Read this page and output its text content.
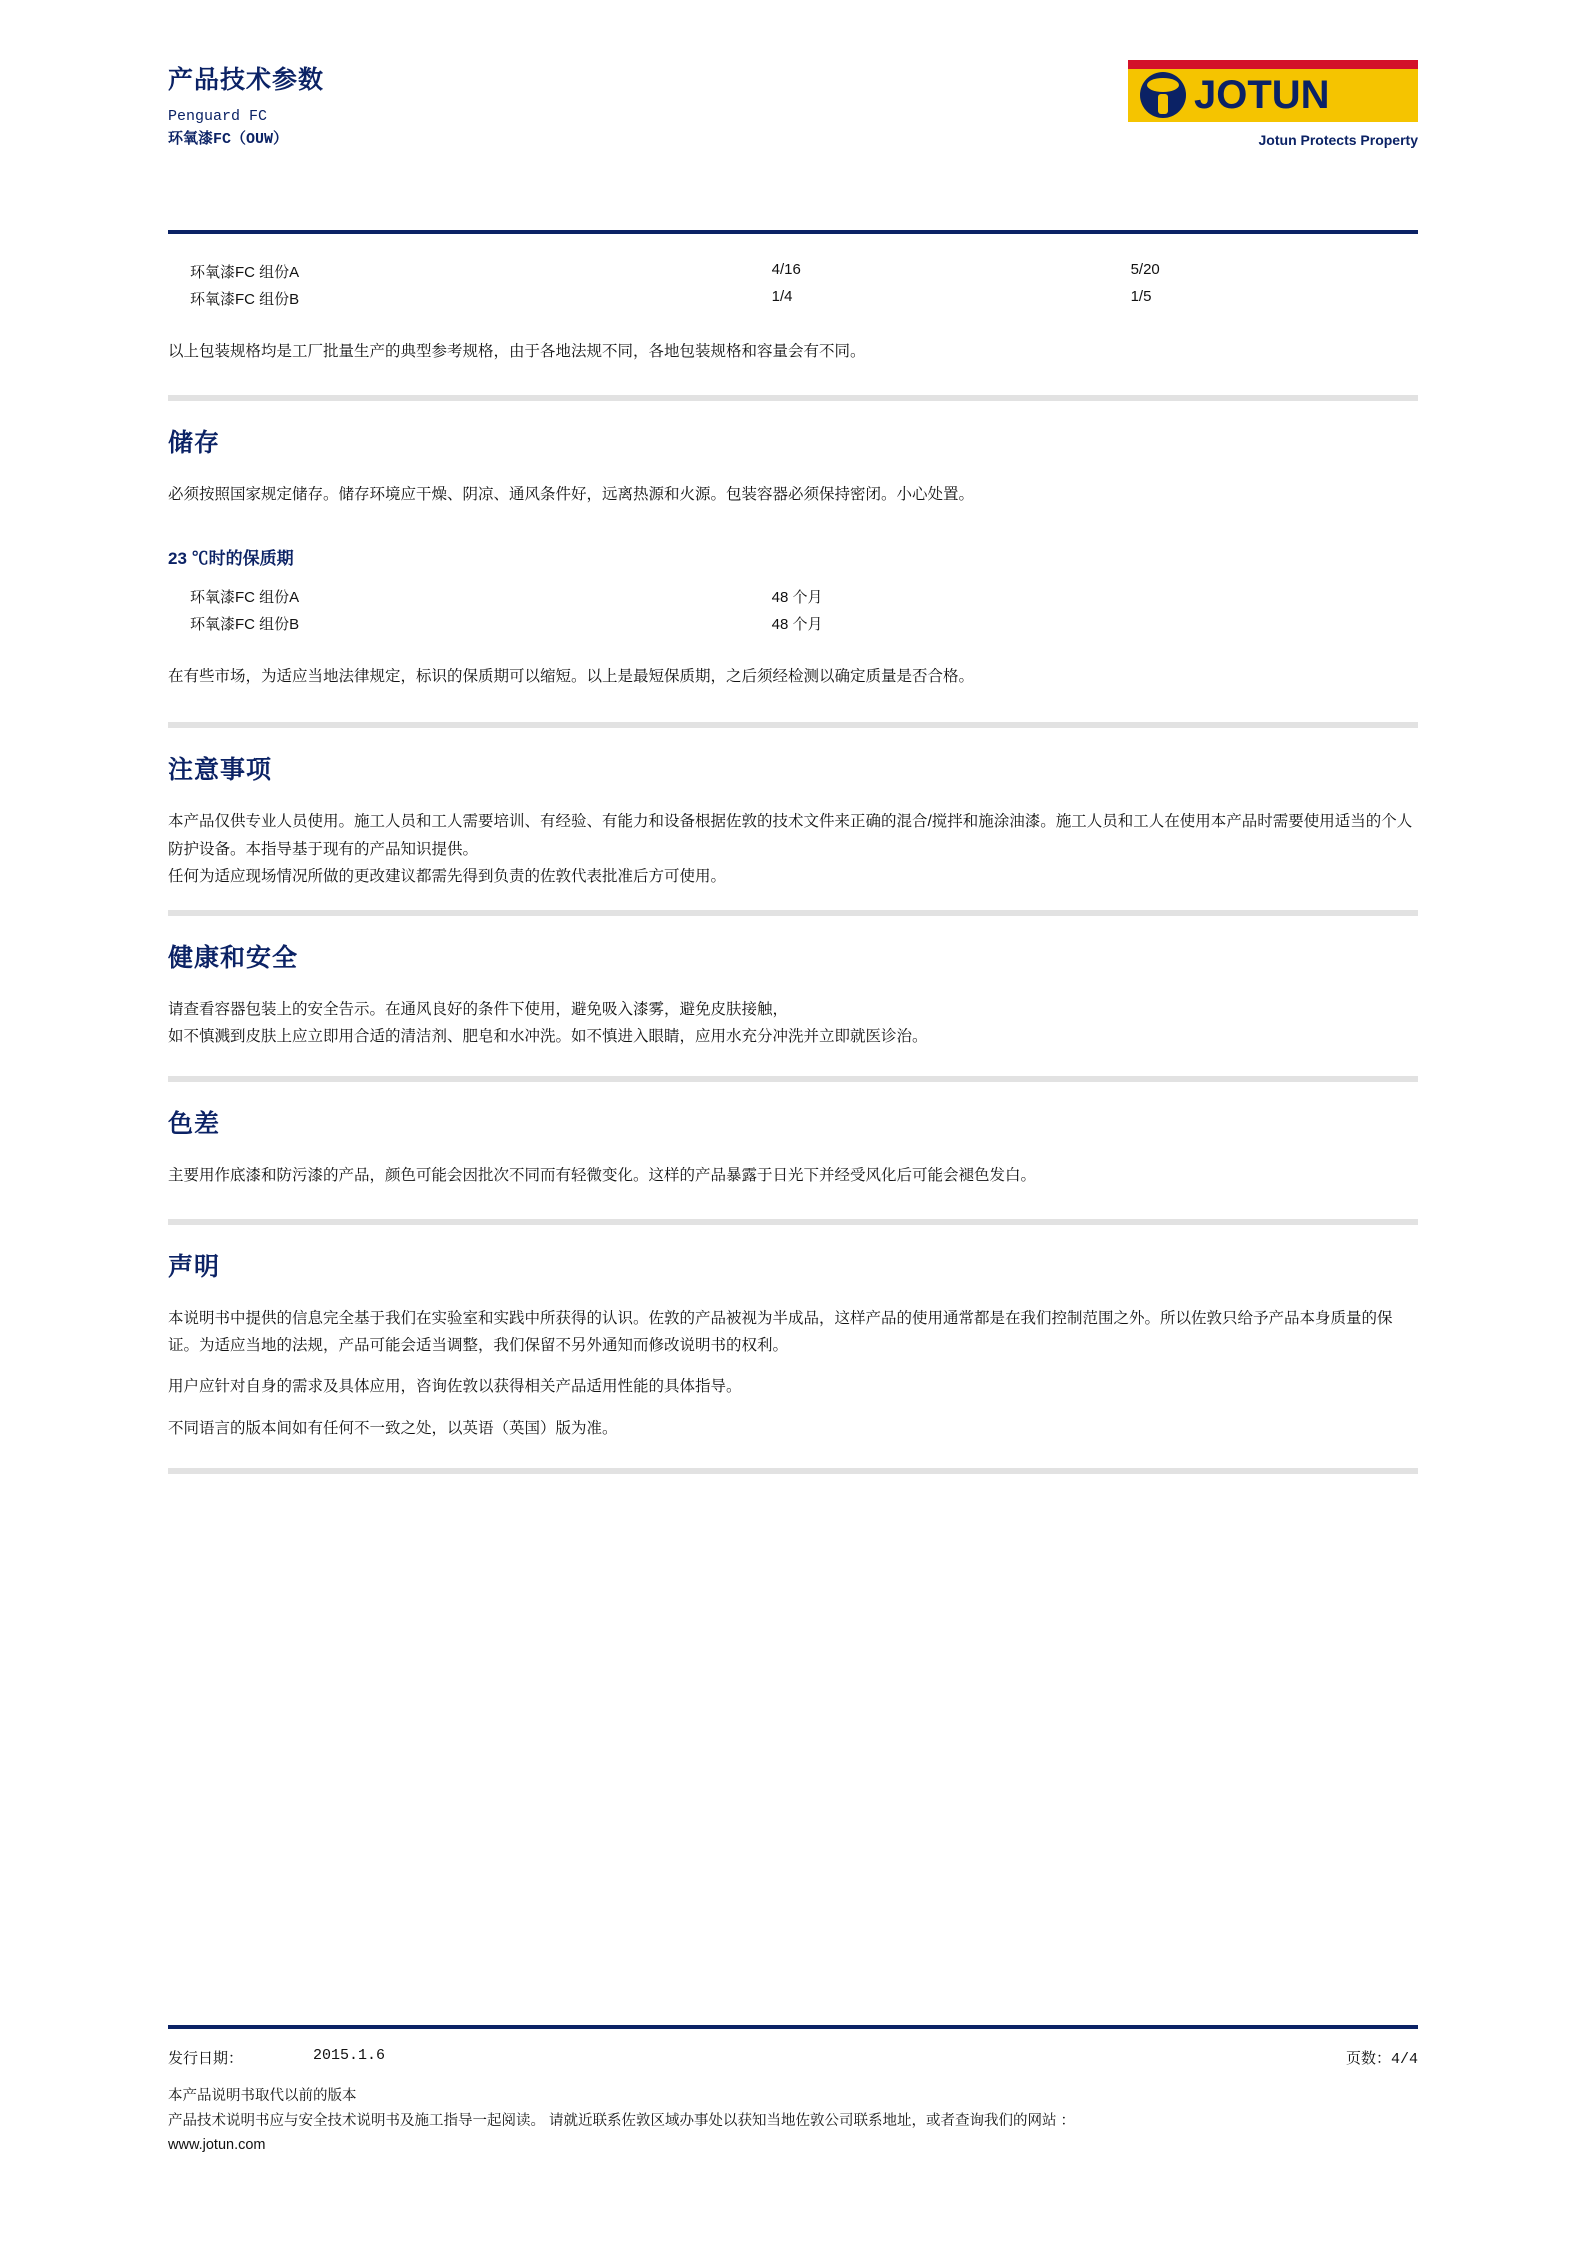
产品技术参数
Penguard FC
环氧漆FC（OUW）
JOTUN
Jotun Protects Property
环氧漆FC 组份A	4/16	5/20
环氧漆FC 组份B	1/4	1/5

以上包装规格均是工厂批量生产的典型参考规格，由于各地法规不同，各地包装规格和容量会有不同。

储存

必须按照国家规定储存。储存环境应干燥、阴凉、通风条件好，远离热源和火源。包装容器必须保持密闭。小心处置。

23 ℃时的保质期
环氧漆FC 组份A	48 个月	
环氧漆FC 组份B	48 个月	

在有些市场，为适应当地法律规定，标识的保质期可以缩短。以上是最短保质期，之后须经检测以确定质量是否合格。

注意事项

本产品仅供专业人员使用。施工人员和工人需要培训、有经验、有能力和设备根据佐敦的技术文件来正确的混合/搅拌和施涂油漆。施工人员和工人在使用本产品时需要使用适当的个人防护设备。本指导基于现有的产品知识提供。

任何为适应现场情况所做的更改建议都需先得到负责的佐敦代表批准后方可使用。

健康和安全

请查看容器包装上的安全告示。在通风良好的条件下使用，避免吸入漆雾，避免皮肤接触，

如不慎溅到皮肤上应立即用合适的清洁剂、肥皂和水冲洗。如不慎进入眼睛，应用水充分冲洗并立即就医诊治。

色差

主要用作底漆和防污漆的产品，颜色可能会因批次不同而有轻微变化。这样的产品暴露于日光下并经受风化后可能会褪色发白。

声明

本说明书中提供的信息完全基于我们在实验室和实践中所获得的认识。佐敦的产品被视为半成品，这样产品的使用通常都是在我们控制范围之外。所以佐敦只给予产品本身质量的保证。为适应当地的法规，产品可能会适当调整，我们保留不另外通知而修改说明书的权利。

用户应针对自身的需求及具体应用，咨询佐敦以获得相关产品适用性能的具体指导。

不同语言的版本间如有任何不一致之处，以英语（英国）版为准。

发行日期：	2015.1.6	页数：4/4
本产品说明书取代以前的版本
产品技术说明书应与安全技术说明书及施工指导一起阅读。 请就近联系佐敦区域办事处以获知当地佐敦公司联系地址，或者查询我们的网站 ：
www.jotun.com
